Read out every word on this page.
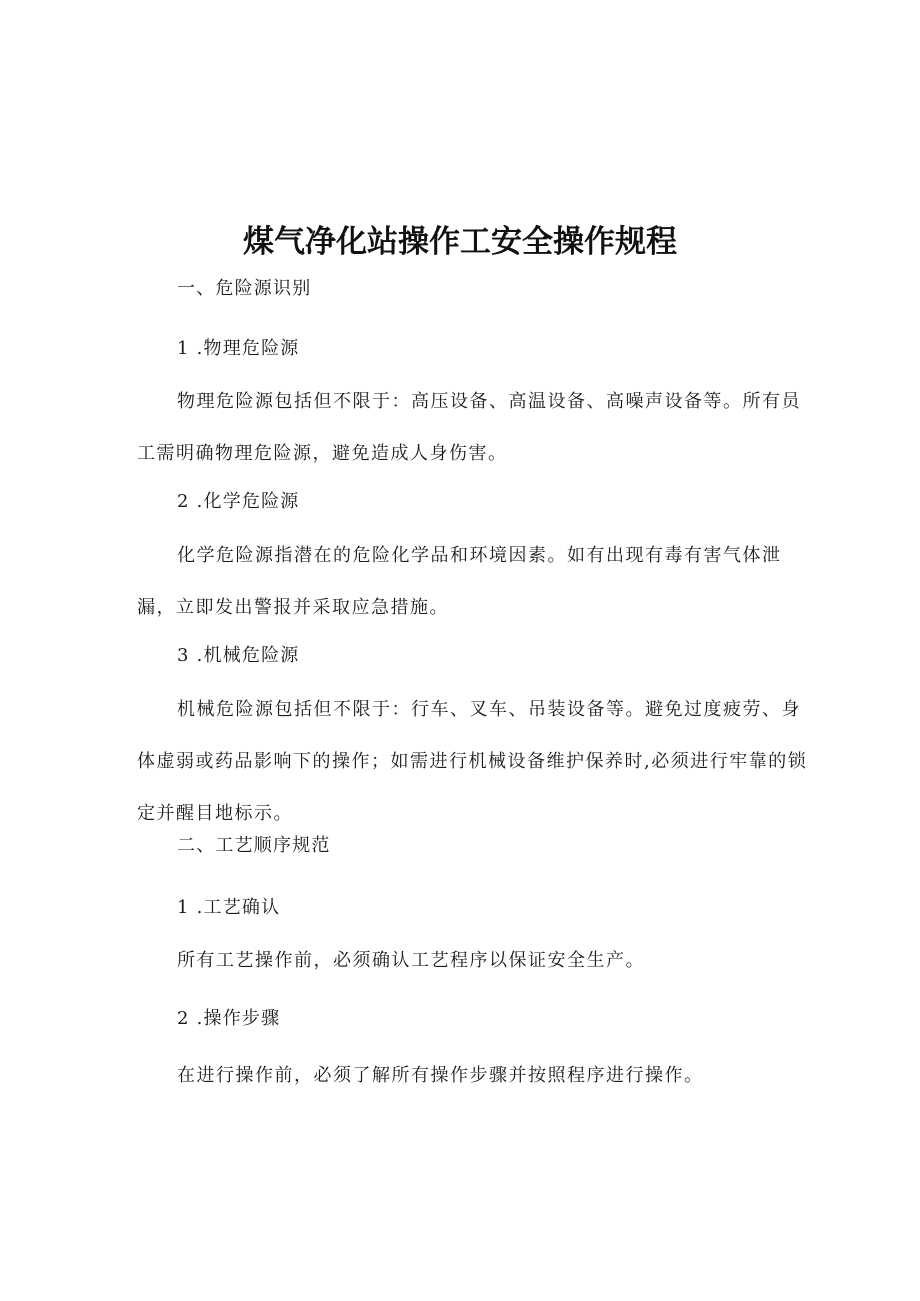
煤气净化站操作工安全操作规程

一、危险源识别

1 .物理危险源

物理危险源包括但不限于：高压设备、高温设备、高噪声设备等。所有员工需明确物理危险源，避免造成人身伤害。

2 .化学危险源

化学危险源指潜在的危险化学品和环境因素。如有出现有毒有害气体泄漏，立即发出警报并采取应急措施。

3 .机械危险源

机械危险源包括但不限于：行车、叉车、吊装设备等。避免过度疲劳、身体虚弱或药品影响下的操作；如需进行机械设备维护保养时,必须进行牢靠的锁定并醒目地标示。

二、工艺顺序规范

1 .工艺确认

所有工艺操作前，必须确认工艺程序以保证安全生产。

2 .操作步骤

在进行操作前，必须了解所有操作步骤并按照程序进行操作。
